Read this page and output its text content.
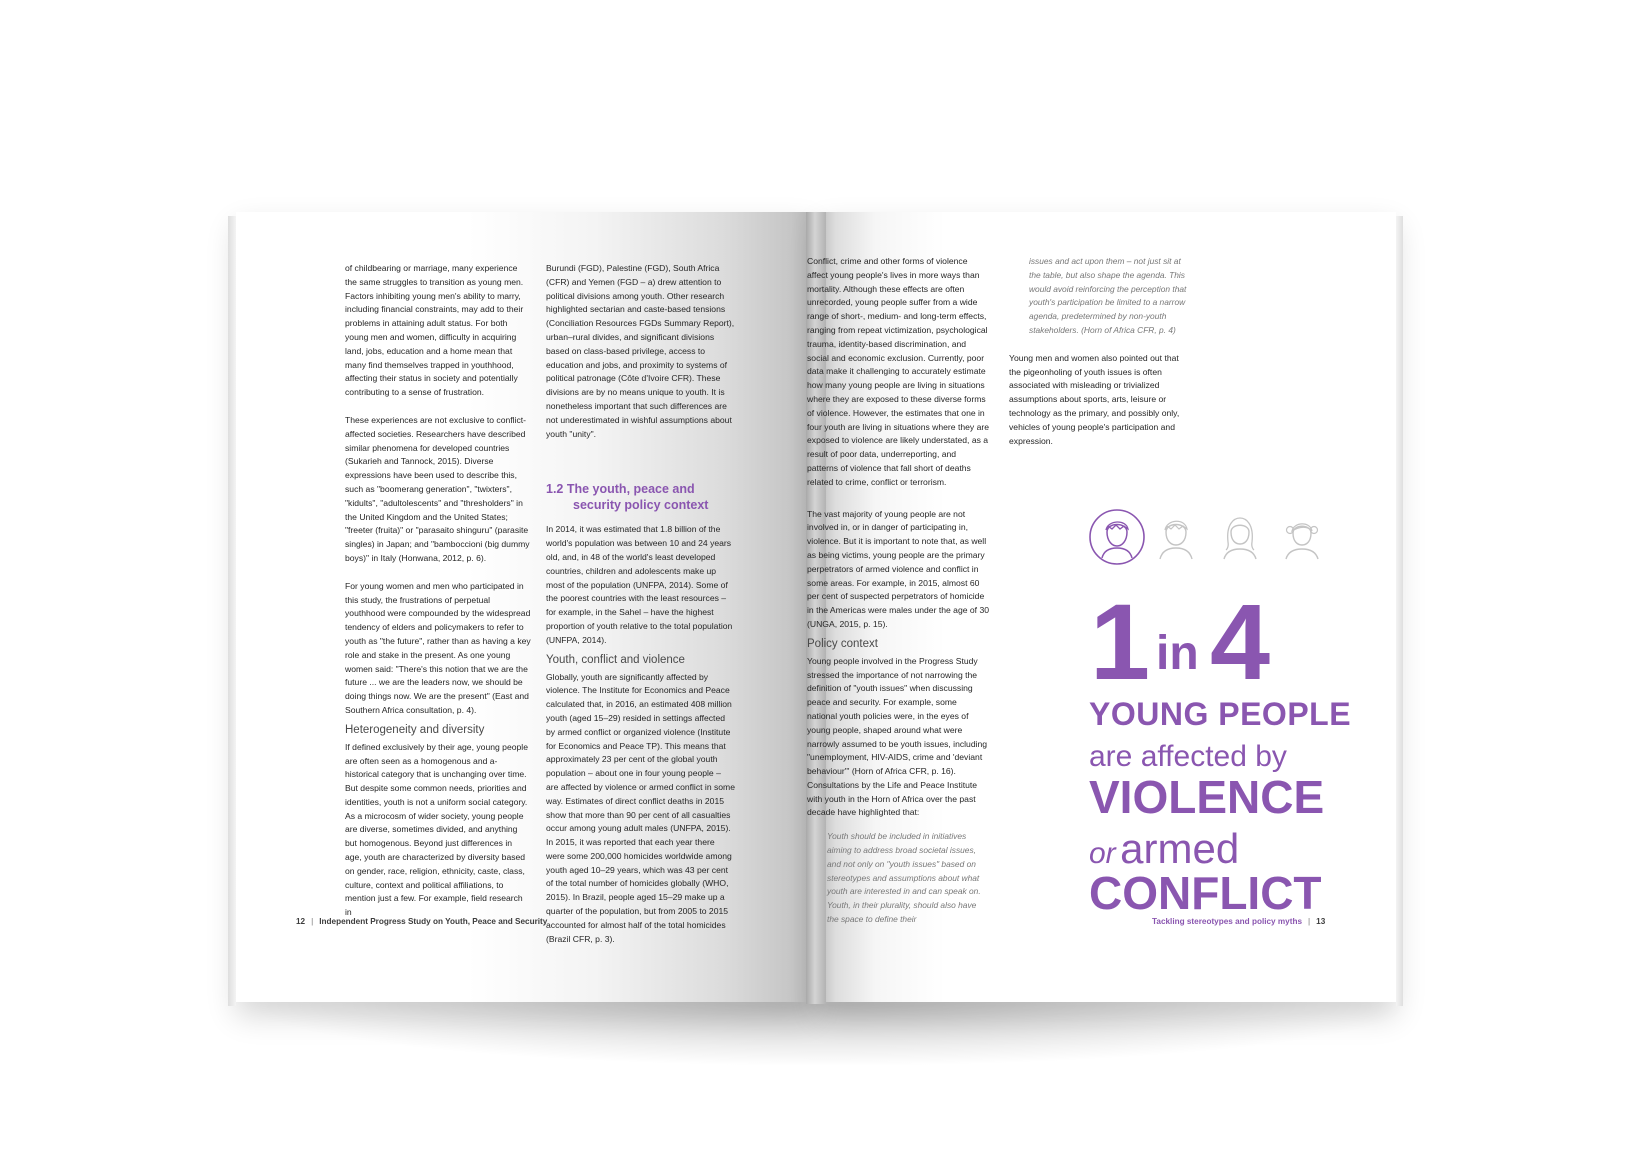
of childbearing or marriage, many experience the same struggles to transition as young men. Factors inhibiting young men's ability to marry, including financial constraints, may add to their problems in attaining adult status. For both young men and women, difficulty in acquiring land, jobs, education and a home mean that many find themselves trapped in youthhood, affecting their status in society and potentially contributing to a sense of frustration.

These experiences are not exclusive to conflict-affected societies. Researchers have described similar phenomena for developed countries (Sukarieh and Tannock, 2015). Diverse expressions have been used to describe this, such as "boomerang generation", "twixters", "kidults", "adultolescents" and "thresholders" in the United Kingdom and the United States; "freeter (fruita)" or "parasaito shinguru" (parasite singles) in Japan; and "bamboccioni (big dummy boys)" in Italy (Honwana, 2012, p. 6).

For young women and men who participated in this study, the frustrations of perpetual youthhood were compounded by the widespread tendency of elders and policymakers to refer to youth as "the future", rather than as having a key role and stake in the present. As one young women said: "There's this notion that we are the future ... we are the leaders now, we should be doing things now. We are the present" (East and Southern Africa consultation, p. 4).

Heterogeneity and diversity

If defined exclusively by their age, young people are often seen as a homogenous and a-historical category that is unchanging over time. But despite some common needs, priorities and identities, youth is not a uniform social category. As a microcosm of wider society, young people are diverse, sometimes divided, and anything but homogenous. Beyond just differences in age, youth are characterized by diversity based on gender, race, religion, ethnicity, caste, class, culture, context and political affiliations, to mention just a few. For example, field research in

Burundi (FGD), Palestine (FGD), South Africa (CFR) and Yemen (FGD – a) drew attention to political divisions among youth. Other research highlighted sectarian and caste-based tensions (Conciliation Resources FGDs Summary Report), urban–rural divides, and significant divisions based on class-based privilege, access to education and jobs, and proximity to systems of political patronage (Côte d'Ivoire CFR). These divisions are by no means unique to youth. It is nonetheless important that such differences are not underestimated in wishful assumptions about youth "unity".

1.2 The youth, peace and security policy context

In 2014, it was estimated that 1.8 billion of the world's population was between 10 and 24 years old, and, in 48 of the world's least developed countries, children and adolescents make up most of the population (UNFPA, 2014). Some of the poorest countries with the least resources – for example, in the Sahel – have the highest proportion of youth relative to the total population (UNFPA, 2014).

Youth, conflict and violence

Globally, youth are significantly affected by violence. The Institute for Economics and Peace calculated that, in 2016, an estimated 408 million youth (aged 15–29) resided in settings affected by armed conflict or organized violence (Institute for Economics and Peace TP). This means that approximately 23 per cent of the global youth population – about one in four young people – are affected by violence or armed conflict in some way. Estimates of direct conflict deaths in 2015 show that more than 90 per cent of all casualties occur among young adult males (UNFPA, 2015). In 2015, it was reported that each year there were some 200,000 homicides worldwide among youth aged 10–29 years, which was 43 per cent of the total number of homicides globally (WHO, 2015). In Brazil, people aged 15–29 make up a quarter of the population, but from 2005 to 2015 accounted for almost half of the total homicides (Brazil CFR, p. 3).

12 | Independent Progress Study on Youth, Peace and Security

Conflict, crime and other forms of violence affect young people's lives in more ways than mortality. Although these effects are often unrecorded, young people suffer from a wide range of short-, medium- and long-term effects, ranging from repeat victimization, psychological trauma, identity-based discrimination, and social and economic exclusion. Currently, poor data make it challenging to accurately estimate how many young people are living in situations where they are exposed to these diverse forms of violence. However, the estimates that one in four youth are living in situations where they are exposed to violence are likely understated, as a result of poor data, underreporting, and patterns of violence that fall short of deaths related to crime, conflict or terrorism.

The vast majority of young people are not involved in, or in danger of participating in, violence. But it is important to note that, as well as being victims, young people are the primary perpetrators of armed violence and conflict in some areas. For example, in 2015, almost 60 per cent of suspected perpetrators of homicide in the Americas were males under the age of 30 (UNGA, 2015, p. 15).

Policy context

Young people involved in the Progress Study stressed the importance of not narrowing the definition of "youth issues" when discussing peace and security. For example, some national youth policies were, in the eyes of young people, shaped around what were narrowly assumed to be youth issues, including "unemployment, HIV-AIDS, crime and 'deviant behaviour'" (Horn of Africa CFR, p. 16). Consultations by the Life and Peace Institute with youth in the Horn of Africa over the past decade have highlighted that:

Youth should be included in initiatives aiming to address broad societal issues, and not only on "youth issues" based on stereotypes and assumptions about what youth are interested in and can speak on. Youth, in their plurality, should also have the space to define their

issues and act upon them – not just sit at the table, but also shape the agenda. This would avoid reinforcing the perception that youth's participation be limited to a narrow agenda, predetermined by non-youth stakeholders. (Horn of Africa CFR, p. 4)

Young men and women also pointed out that the pigeonholing of youth issues is often associated with misleading or trivialized assumptions about sports, arts, leisure or technology as the primary, and possibly only, vehicles of young people's participation and expression.

1 in 4
YOUNG PEOPLE
are affected by
VIOLENCE
or armed
CONFLICT
Tackling stereotypes and policy myths | 13
